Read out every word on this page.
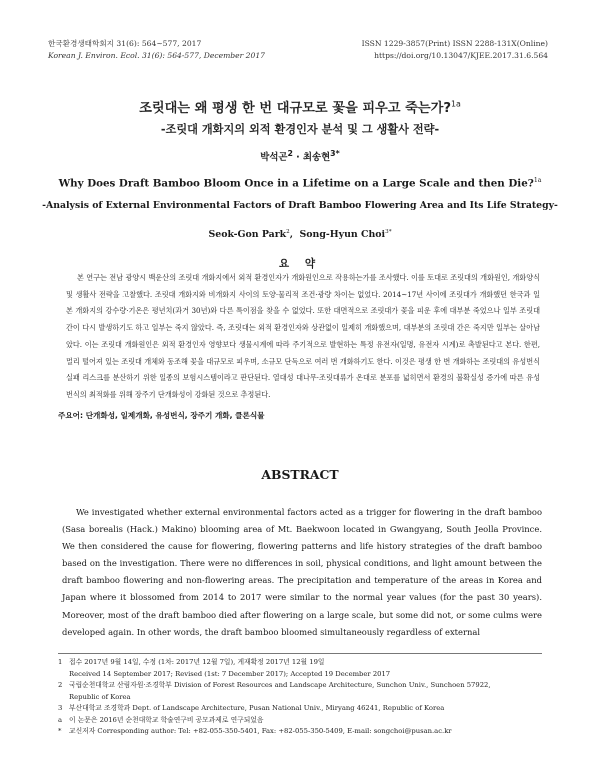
한국환경생태학회지 31(6): 564~577, 2017
Korean J. Environ. Ecol. 31(6): 564-577, December 2017
ISSN 1229-3857(Print) ISSN 2288-131X(Online)
https://doi.org/10.13047/KJEE.2017.31.6.564
조릿대는 왜 평생 한 번 대규모로 꽃을 피우고 죽는가?$^{1a}$
-조릿대 개화지의 외적 환경인자 분석 및 그 생활사 전략-
박석곤$^2$ · 최송현$^{3*}$
Why Does Draft Bamboo Bloom Once in a Lifetime on a Large Scale and then Die?$^{1a}$
-Analysis of External Environmental Factors of Draft Bamboo Flowering Area and Its Life Strategy-
Seok-Gon Park$^2$,  Song-Hyun Choi$^{3*}$
요 약

본 연구는 전남 광양시 백운산의 조릿대 개화지에서 외적 환경인자가 개화원인으로 작용하는가를 조사했다. 이를 토대로 조릿대의 개화원인, 개화양식 및 생활사 전략을 고찰했다. 조릿대 개화지와 비개화지 사이의 토양·물리적 조건·광량 차이는 없었다. 2014~17년 사이에 조릿대가 개화했던 한국과 일본 개화지의 강수량·기온은 평년치(과거 30년)와 다른 특이점을 찾을 수 없었다. 또한 대면적으로 조릿대가 꽃을 피운 후에 대부분 죽었으나 일부 조릿대 간이 다시 발생하기도 하고 일부는 죽지 않았다. 즉, 조릿대는 외적 환경인자와 상관없이 일제히 개화했으며, 대부분의 조릿대 간은 죽지만 일부는 살아남았다. 이는 조릿대 개화원인은 외적 환경인자 영향보다 생물시계에 따라 주기적으로 발현하는 특정 유전자(일명, 유전자 시계)로 촉발된다고 본다. 한편, 멀리 떨어져 있는 조릿대 개체와 동조해 꽃을 대규모로 피우며, 소규모 단독으로 여러 번 개화하기도 한다. 이것은 평생 한 번 개화하는 조릿대의 유성번식 실패 리스크를 분산하기 위한 일종의 보험시스템이라고 판단된다. 열대성 대나무·조릿대류가 온대로 분포를 넓히면서 환경의 불확실성 증가에 따른 유성번식의 최적화를 위해 장주기 단개화성이 강화된 것으로 추정된다.

주요어: 단개화성, 일제개화, 유성번식, 장주기 개화, 클론식물
ABSTRACT

We investigated whether external environmental factors acted as a trigger for flowering in the draft bamboo (Sasa borealis (Hack.) Makino) blooming area of Mt. Baekwoon located in Gwangyang, South Jeolla Province. We then considered the cause for flowering, flowering patterns and life history strategies of the draft bamboo based on the investigation. There were no differences in soil, physical conditions, and light amount between the draft bamboo flowering and non-flowering areas. The precipitation and temperature of the areas in Korea and Japan where it blossomed from 2014 to 2017 were similar to the normal year values (for the past 30 years). Moreover, most of the draft bamboo died after flowering on a large scale, but some did not, or some culms were developed again. In other words, the draft bamboo bloomed simultaneously regardless of external

1 접수 2017년 9월 14일, 수정 (1차: 2017년 12월 7일), 게재확정 2017년 12월 19일
Received 14 September 2017; Revised (1st: 7 December 2017); Accepted 19 December 2017
2 국립순천대학교 산림자원·조경학부 Division of Forest Resources and Landscape Architecture, Sunchon Univ., Sunchoen 57922,
Republic of Korea
3 부산대학교 조경학과 Dept. of Landscape Architecture, Pusan National Univ., Miryang 46241, Republic of Korea
a	이 논문은 2016년 순천대학교 학술연구비 공모과제로 연구되었음
*	교신저자 Corresponding author: Tel: +82-055-350-5401, Fax: +82-055-350-5409, E-mail: songchoi@pusan.ac.kr
